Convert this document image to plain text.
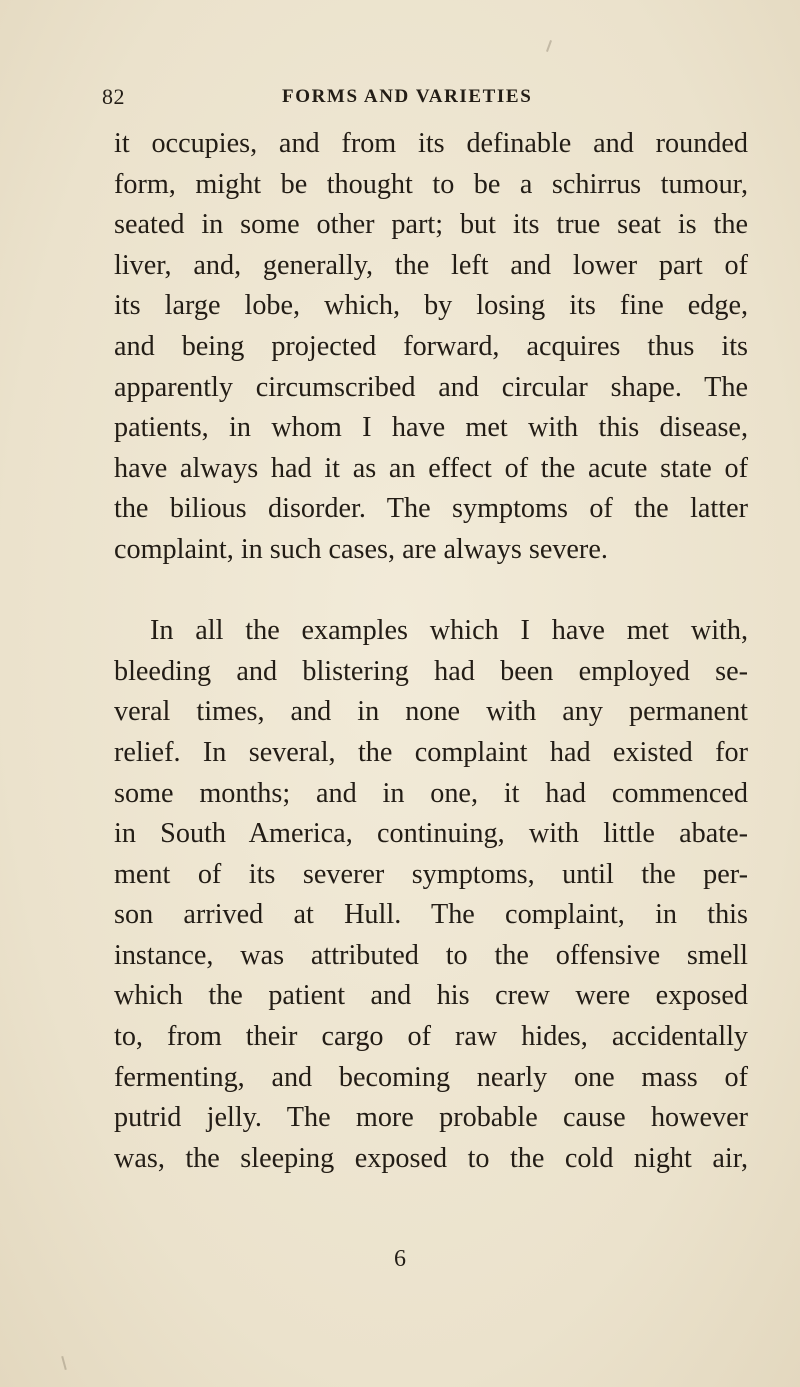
82	FORMS AND VARIETIES
it occupies, and from its definable and rounded
form, might be thought to be a schirrus tumour,
seated in some other part; but its true seat is the
liver, and, generally, the left and lower part of
its large lobe, which, by losing its fine edge,
and being projected forward, acquires thus its
apparently circumscribed and circular shape. The
patients, in whom I have met with this disease,
have always had it as an effect of the acute state of
the bilious disorder. The symptoms of the latter
complaint, in such cases, are always severe.
In all the examples which I have met with,
bleeding and blistering had been employed se-
veral times, and in none with any permanent
relief. In several, the complaint had existed for
some months; and in one, it had commenced
in South America, continuing, with little abate-
ment of its severer symptoms, until the per-
son arrived at Hull. The complaint, in this
instance, was attributed to the offensive smell
which the patient and his crew were exposed
to, from their cargo of raw hides, accidentally
fermenting, and becoming nearly one mass of
putrid jelly. The more probable cause however
was, the sleeping exposed to the cold night air,
6
